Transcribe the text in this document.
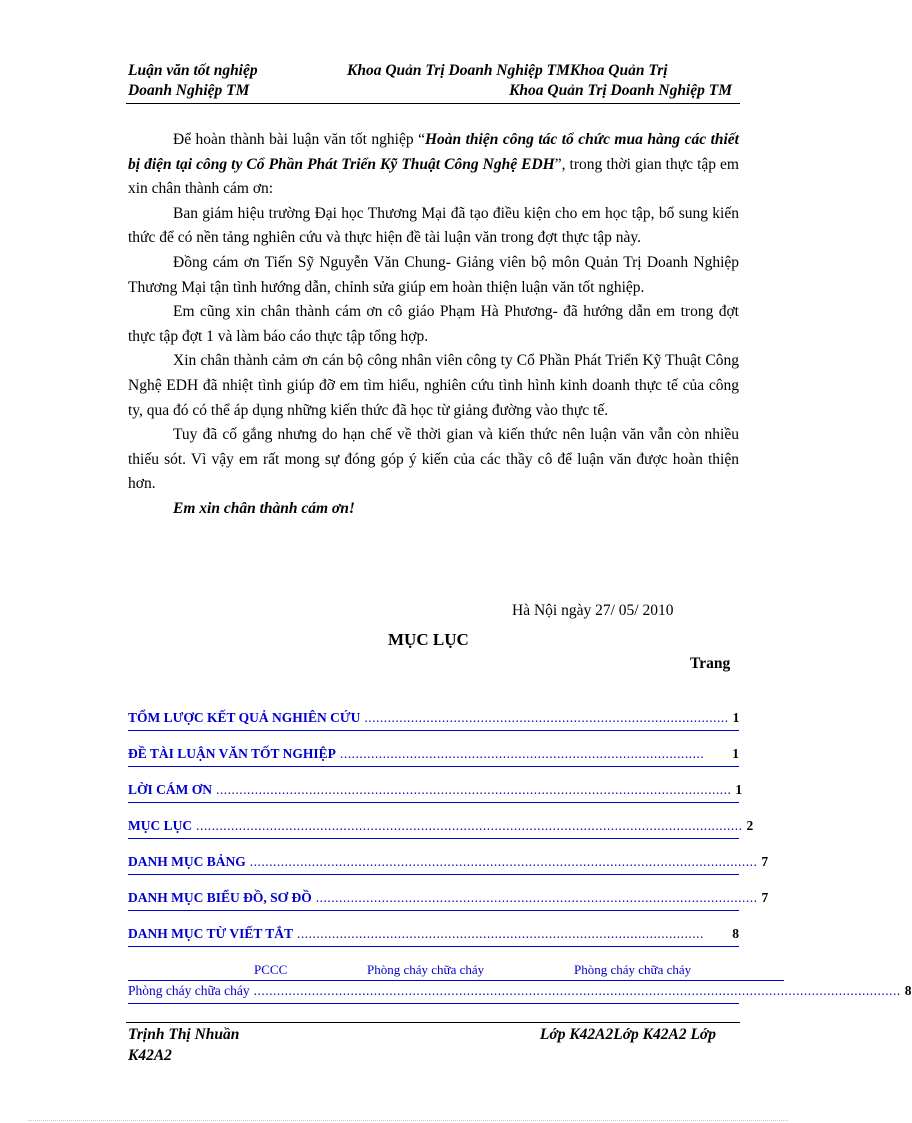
Luận văn tốt nghiệp	Khoa Quản Trị Doanh Nghiệp TMKhoa Quản Trị
Doanh Nghiệp TM	Khoa Quản Trị Doanh Nghiệp TM

Để hoàn thành bài luận văn tốt nghiệp “Hoàn thiện công tác tổ chức mua hàng các thiết bị điện tại công ty Cổ Phần Phát Triển Kỹ Thuật Công Nghệ EDH”, trong thời gian thực tập em xin chân thành cám ơn:

Ban giám hiệu trường Đại học Thương Mại đã tạo điều kiện cho em học tập, bổ sung kiến thức để có nền tảng nghiên cứu và thực hiện đề tài luận văn trong đợt thực tập này.

Đồng cám ơn Tiến Sỹ Nguyễn Văn Chung- Giảng viên bộ môn Quản Trị Doanh Nghiệp Thương Mại tận tình hướng dẫn, chỉnh sửa giúp em hoàn thiện luận văn tốt nghiệp.

Em cũng xin chân thành cám ơn cô giáo Phạm Hà Phương- đã hướng dẫn em trong đợt thực tập đợt 1 và làm báo cáo thực tập tổng hợp.

Xin chân thành cảm ơn cán bộ công nhân viên công ty Cổ Phần Phát Triển Kỹ Thuật Công Nghệ EDH đã nhiệt tình giúp đỡ em tìm hiểu, nghiên cứu tình hình kinh doanh thực tế của công ty, qua đó có thể áp dụng những kiến thức đã học từ giảng đường vào thực tế.

Tuy đã cố gắng nhưng do hạn chế về thời gian và kiến thức nên luận văn vẫn còn nhiều thiếu sót. Vì vậy em rất mong sự đóng góp ý kiến của các thầy cô để luận văn được hoàn thiện hơn.

Em xin chân thành cám ơn!

Hà Nội ngày 27/ 05/ 2010
MỤC LỤC
Trang
TỔM LƯỢC KẾT QUẢ NGHIÊN CỨU .............................................................................................. 1
ĐỀ TÀI LUẬN VĂN TỐT NGHIỆP ..............................................................................................	1
LỜI CÁM ƠN ..................................................................................................................................... 1
MỤC LỤC ............................................................................................................................................. 2
DANH MỤC BẢNG ................................................................................................................................... 7
DANH MỤC BIỂU ĐỒ, SƠ ĐỒ .................................................................................................................. 7
DANH MỤC TỪ VIẾT TẮT .........................................................................................................	8
PCCC	Phòng cháy chữa cháy	Phòng cháy chữa cháy
Phòng cháy chữa cháy ....................................................................................................................................................................... 8
Trịnh Thị Nhuần	Lớp K42A2Lớp K42A2 Lớp
K42A2
